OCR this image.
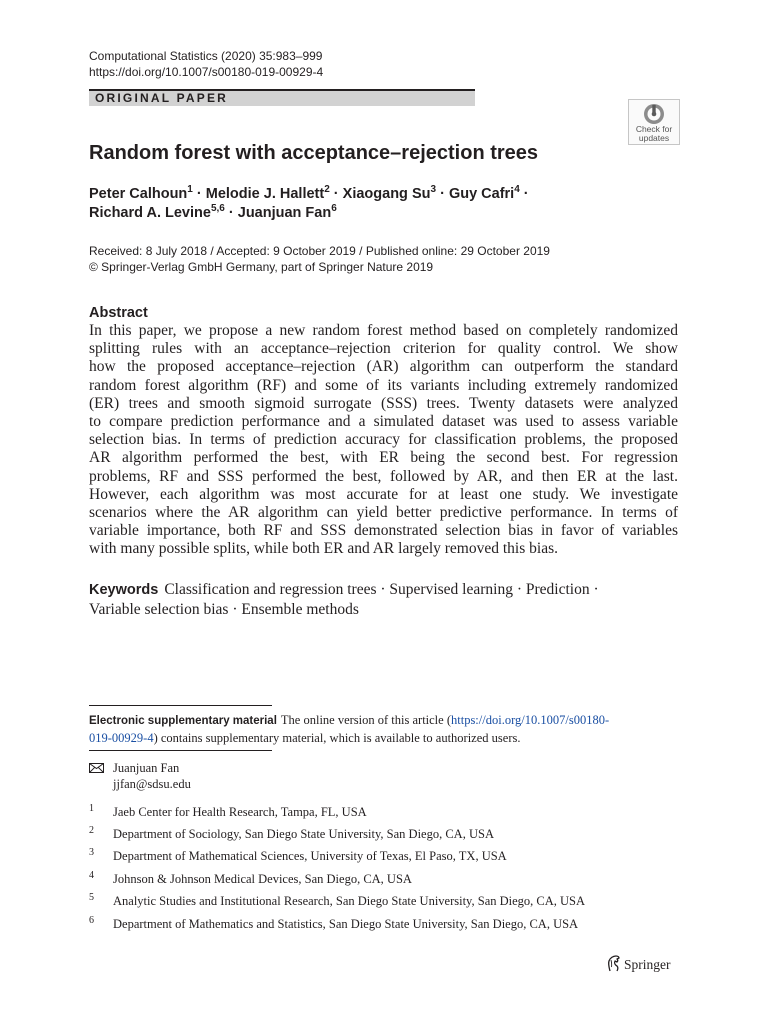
Computational Statistics (2020) 35:983–999
https://doi.org/10.1007/s00180-019-00929-4
ORIGINAL PAPER
Check for
updates
Random forest with acceptance–rejection trees
Peter Calhoun$^1$ · Melodie J. Hallett$^2$ · Xiaogang $Su^3$ · Guy Cafri$^4$ ·
Richard A. Levine$^{5,6}$ · Juanjuan Fan$^6$
Received: 8 July 2018 / Accepted: 9 October 2019 / Published online: 29 October 2019
© Springer-Verlag GmbH Germany, part of Springer Nature 2019
Abstract
In this paper, we propose a new random forest method based on completely randomized
splitting rules with an acceptance–rejection criterion for quality control. We show
how the proposed acceptance–rejection (AR) algorithm can outperform the standard
random forest algorithm (RF) and some of its variants including extremely randomized
(ER) trees and smooth sigmoid surrogate (SSS) trees. Twenty datasets were analyzed
to compare prediction performance and a simulated dataset was used to assess variable
selection bias. In terms of prediction accuracy for classification problems, the proposed
AR algorithm performed the best, with ER being the second best. For regression
problems, RF and SSS performed the best, followed by AR, and then ER at the last.
However, each algorithm was most accurate for at least one study. We investigate
scenarios where the AR algorithm can yield better predictive performance. In terms of
variable importance, both RF and SSS demonstrated selection bias in favor of variables
with many possible splits, while both ER and AR largely removed this bias.
Keywords Classification and regression trees · Supervised learning · Prediction ·
Variable selection bias · Ensemble methods
Electronic supplementary material The online version of this article (https://doi.org/10.1007/s00180-
019-00929-4) contains supplementary material, which is available to authorized users.
Juanjuan Fan
jjfan@sdsu.edu
1 Jaeb Center for Health Research, Tampa, FL, USA
2 Department of Sociology, San Diego State University, San Diego, CA, USA
3 Department of Mathematical Sciences, University of Texas, El Paso, TX, USA
4 Johnson & Johnson Medical Devices, San Diego, CA, USA
5 Analytic Studies and Institutional Research, San Diego State University, San Diego, CA, USA
6 Department of Mathematics and Statistics, San Diego State University, San Diego, CA, USA
Springer
